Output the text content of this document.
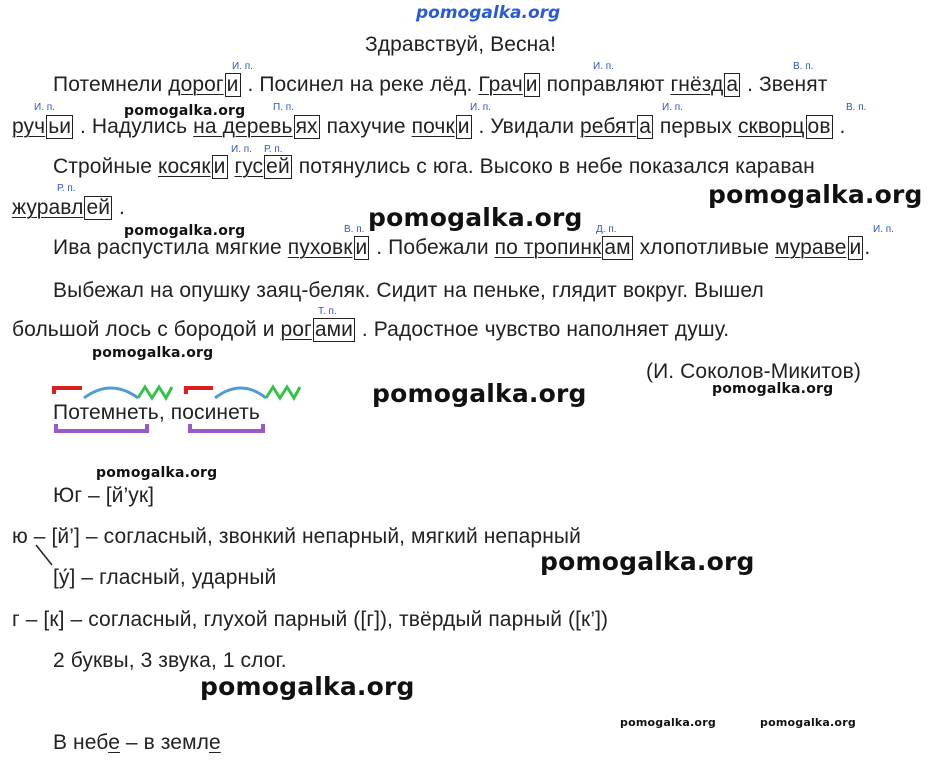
pomogalka.org
Здравствуй, Весна!
И. п.	И. п.	В. п.
И. п.	П. п.	И. п.	И. п.	В. п.
И. п. Р. п.
Р. п.
В. п.	Д. п.	И. п.
Т. п.
Потемнели дорог и . Посинел на реке лёд. Грач и поправляют гнёзд а . Звенят
руч ьи . Надулись на деревь ях пахучие почк и . Увидали ребят а первых скворц ов .
Стройные косяк и гус ей потянулись с юга. Высоко в небе показался караван
журавл ей .
Ива распустила мягкие пуховк и . Побежали по тропинк ам хлопотливые мураве и .
Выбежал на опушку заяц-беляк. Сидит на пеньке, глядит вокруг. Вышел
большой лось с бородой и рог ами . Радостное чувство наполняет душу.
(И. Соколов-Микитов)
Потемнеть, посинеть
Юг – [й’ук]
ю – [й’] – согласный, звонкий непарный, мягкий непарный
[у́] – гласный, ударный
г – [к] – согласный, глухой парный ([г]), твёрдый парный ([к’])
2 буквы, 3 звука, 1 слог.
В небе – в земле
pomogalka.org
pomogalka.org
pomogalka.org
pomogalka.org
pomogalka.org
pomogalka.org	pomogalka.org
pomogalka.org
pomogalka.org
pomogalka.org
pomogalka.org	pomogalka.org
